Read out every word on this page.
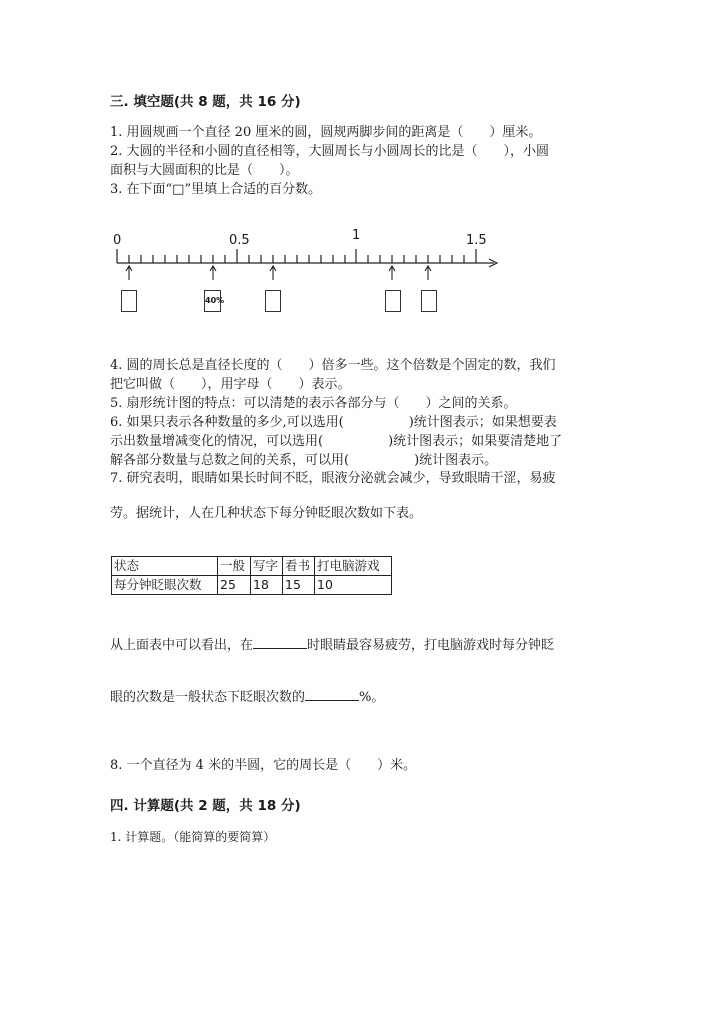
三. 填空题(共 8 题，共 16 分)
1. 用圆规画一个直径 20 厘米的圆，圆规两脚步间的距离是（　　）厘米。
2. 大圆的半径和小圆的直径相等，大圆周长与小圆周长的比是（　　），小圆
面积与大圆面积的比是（　　）。
3. 在下面“□”里填上合适的百分数。
0	0.5	1	1.5
40%
4. 圆的周长总是直径长度的（　　）倍多一些。这个倍数是个固定的数，我们
把它叫做（　　），用字母（　　）表示。
5. 扇形统计图的特点：可以清楚的表示各部分与（　　）之间的关系。
6. 如果只表示各种数量的多少,可以选用(　　　　　)统计图表示；如果想要表
示出数量增减变化的情况，可以选用(　　　　　)统计图表示；如果要清楚地了
解各部分数量与总数之间的关系，可以用(　　　　　)统计图表示。
7. 研究表明，眼睛如果长时间不眨，眼液分泌就会减少，导致眼睛干涩，易疲
劳。据统计，人在几种状态下每分钟眨眼次数如下表。
状态	一般	写字	看书	打电脑游戏
每分钟眨眼次数	25	18	15	10
从上面表中可以看出，在	时眼睛最容易疲劳，打电脑游戏时每分钟眨
眼的次数是一般状态下眨眼次数的	%。
8. 一个直径为 4 米的半圆，它的周长是（　　）米。
四. 计算题(共 2 题，共 18 分)
1. 计算题。（能简算的要简算）
